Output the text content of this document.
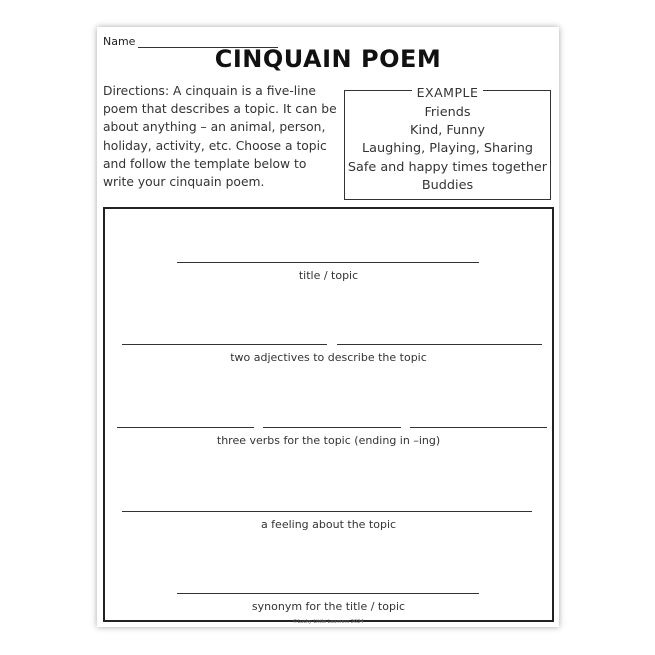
Name
CINQUAIN POEM
Directions: A cinquain is a five-line poem that describes a topic. It can be about anything – an animal, person, holiday, activity, etc. Choose a topic and follow the template below to write your cinquain poem.
EXAMPLE
Friends
Kind, Funny
Laughing, Playing, Sharing
Safe and happy times together
Buddies
title / topic
two adjectives to describe the topic
three verbs for the topic (ending in –ing)
a feeling about the topic
synonym for the title / topic
©Lucky Little Learners 2024
